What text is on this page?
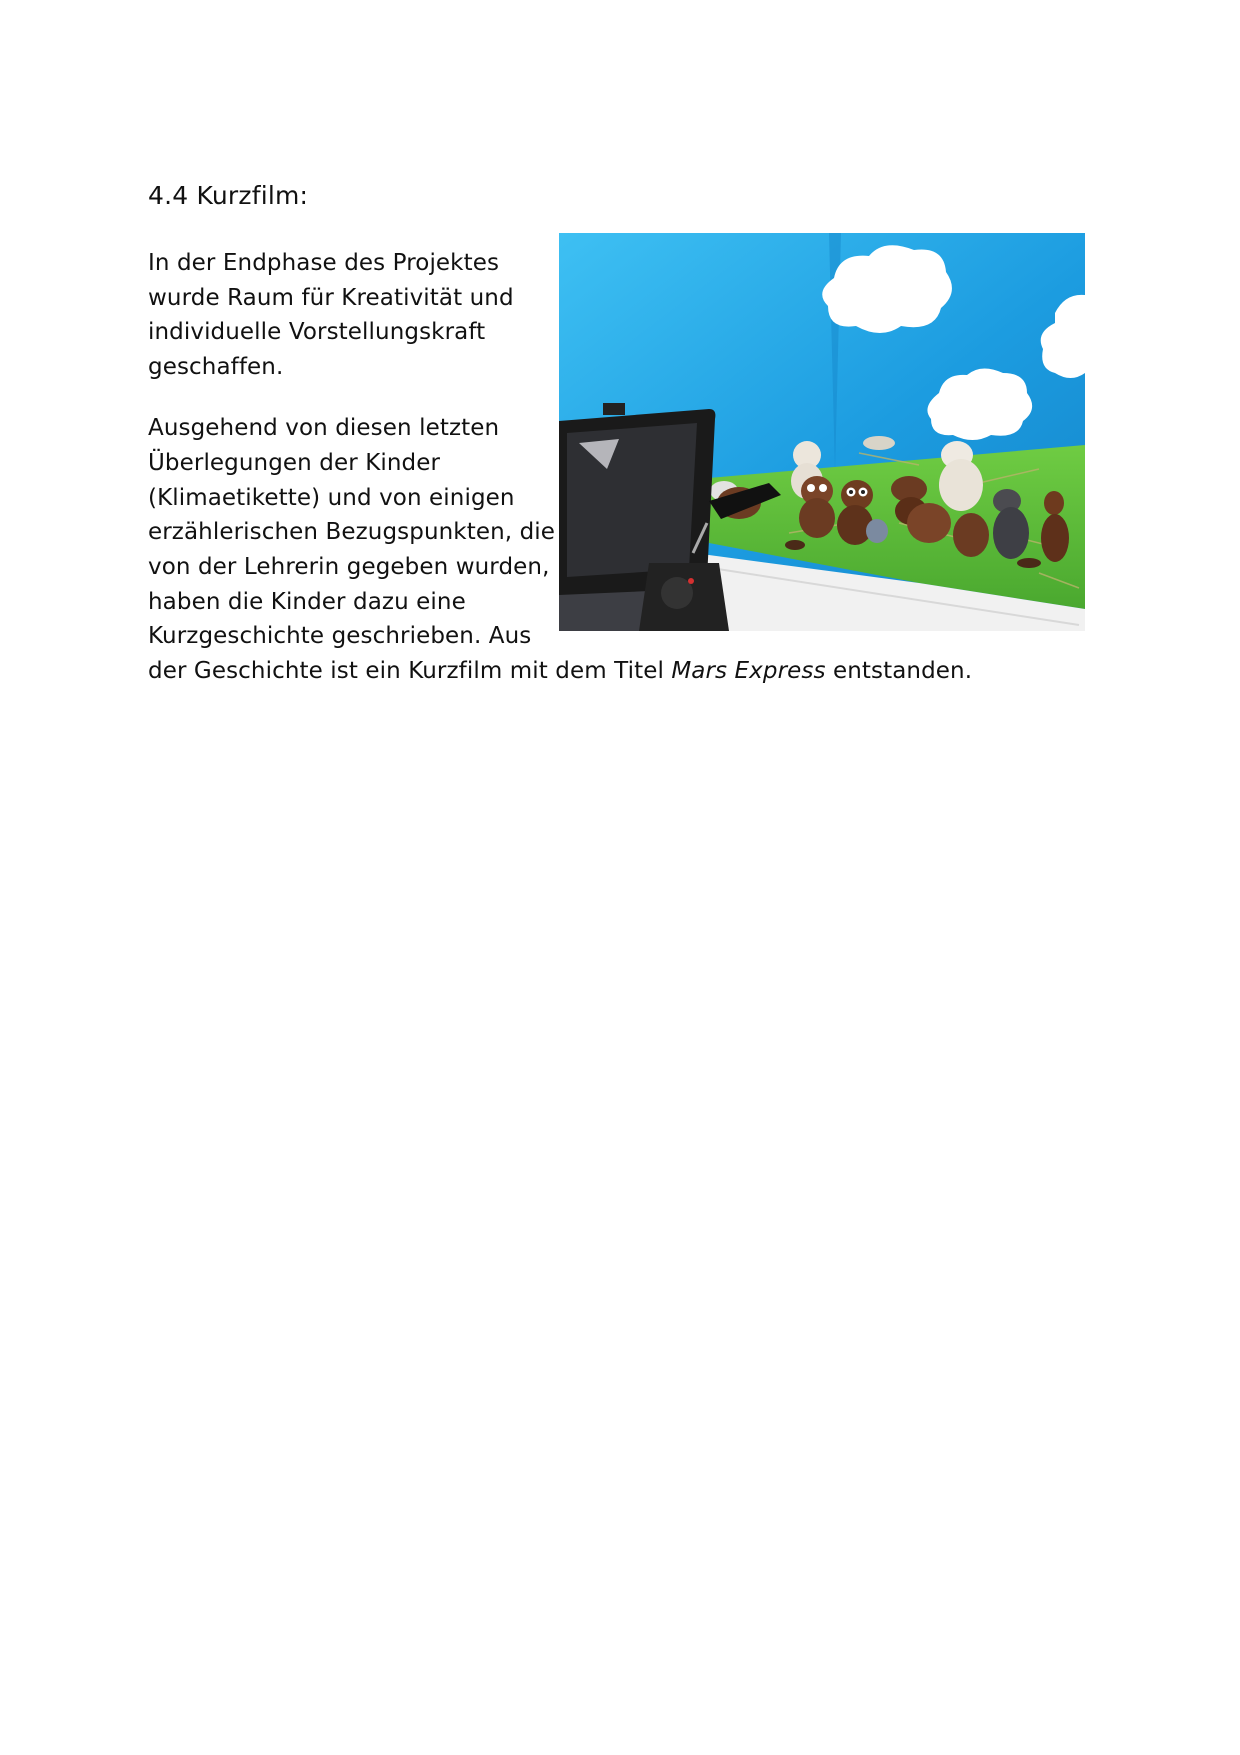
4.4 Kurzfilm:
In der Endphase des Projektes
wurde Raum für Kreativität und
individuelle Vorstellungskraft
geschaffen.
Ausgehend von diesen letzten
Überlegungen der Kinder
(Klimaetikette) und von einigen
erzählerischen Bezugspunkten, die
von der Lehrerin gegeben wurden,
haben die Kinder dazu eine
Kurzgeschichte geschrieben. Aus
der Geschichte ist ein Kurzfilm mit dem Titel Mars Express entstanden.
